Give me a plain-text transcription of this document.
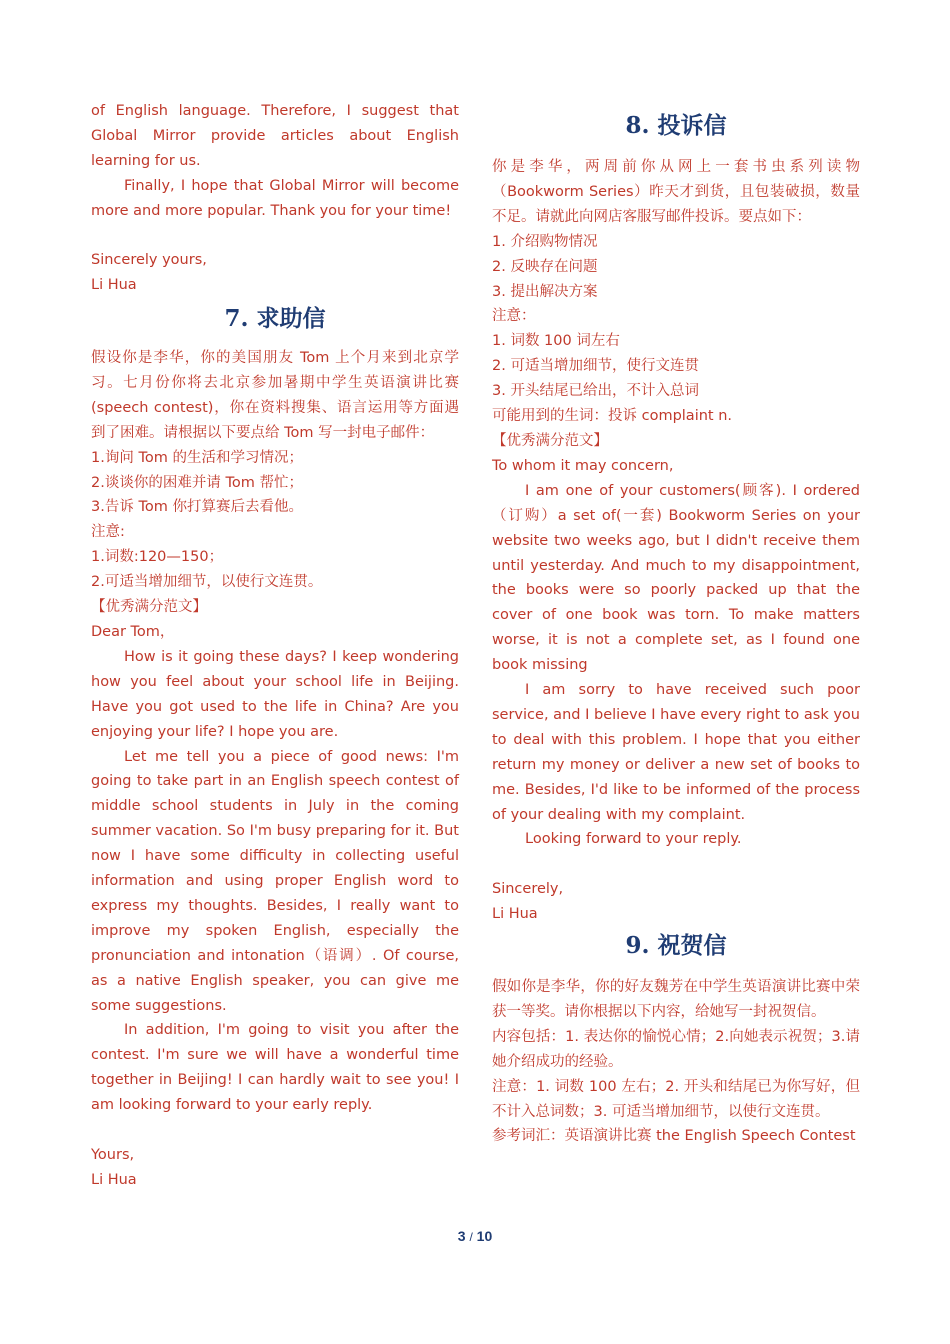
of English language. Therefore, I suggest that Global Mirror provide articles about English learning for us.

Finally, I hope that Global Mirror will become more and more popular. Thank you for your time!

Sincerely yours,

Li Hua

7. 求助信

假设你是李华，你的美国朋友 Tom 上个月来到北京学习。七月份你将去北京参加暑期中学生英语演讲比赛 (speech contest)，你在资料搜集、语言运用等方面遇到了困难。请根据以下要点给 Tom 写一封电子邮件：

1.询问 Tom 的生活和学习情况；

2.谈谈你的困难并请 Tom 帮忙；

3.告诉 Tom 你打算赛后去看他。

注意:

1.词数:120—150；

2.可适当增加细节，以使行文连贯。

【优秀满分范文】

Dear Tom，

How is it going these days? I keep wondering how you feel about your school life in Beijing. Have you got used to the life in China? Are you enjoying your life? I hope you are.

Let me tell you a piece of good news: I'm going to take part in an English speech contest of middle school students in July in the coming summer vacation. So I'm busy preparing for it. But now I have some difficulty in collecting useful information and using proper English word to express my thoughts. Besides, I really want to improve my spoken English, especially the pronunciation and intonation（语调）. Of course, as a native English speaker, you can give me some suggestions.

In addition, I'm going to visit you after the contest. I'm sure we will have a wonderful time together in Beijing! I can hardly wait to see you! I am looking forward to your early reply.

Yours,

Li Hua

8. 投诉信

你是李华，两周前你从网上一套书虫系列读物（Bookworm Series）昨天才到货，且包装破损，数量不足。请就此向网店客服写邮件投诉。要点如下：

1. 介绍购物情况

2. 反映存在问题

3. 提出解决方案

注意：

1. 词数 100 词左右

2. 可适当增加细节，使行文连贯

3. 开头结尾已给出，不计入总词

可能用到的生词：投诉 complaint n.

【优秀满分范文】

To whom it may concern,

I am one of your customers(顾客). I ordered（订购）a set of(一套) Bookworm Series on your website two weeks ago, but I didn't receive them until yesterday. And much to my disappointment, the books were so poorly packed up that the cover of one book was torn. To make matters worse, it is not a complete set, as I found one book missing

I am sorry to have received such poor service, and I believe I have every right to ask you to deal with this problem. I hope that you either return my money or deliver a new set of books to me. Besides, I'd like to be informed of the process of your dealing with my complaint.

Looking forward to your reply.

Sincerely,

Li Hua

9. 祝贺信

假如你是李华，你的好友魏芳在中学生英语演讲比赛中荣获一等奖。请你根据以下内容，给她写一封祝贺信。

内容包括：1. 表达你的愉悦心情；2.向她表示祝贺；3.请她介绍成功的经验。

注意：1. 词数 100 左右；2. 开头和结尾已为你写好，但不计入总词数；3. 可适当增加细节，以使行文连贯。

参考词汇：英语演讲比赛 the English Speech Contest

3 / 10
